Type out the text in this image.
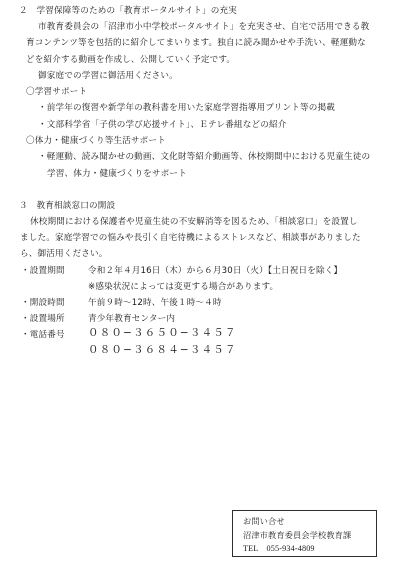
２　学習保障等のための「教育ポータルサイト」の充実
市教育委員会の「沼津市小中学校ポータルサイト」を充実させ、自宅で活用できる教
育コンテンツ等を包括的に紹介してまいります。独自に読み聞かせや手洗い、軽運動な
どを紹介する動画を作成し、公開していく予定です。
御家庭での学習に御活用ください。
〇学習サポート
・前学年の復習や新学年の教科書を用いた家庭学習指導用プリント等の掲載
・文部科学省「子供の学び応援サイト」、Ｅテレ番組などの紹介
〇体力・健康づくり等生活サポート
・軽運動、読み聞かせの動画、文化財等紹介動画等、休校期間中における児童生徒の
学習、体力・健康づくりをサポート
３　教育相談窓口の開設
休校期間における保護者や児童生徒の不安解消等を図るため、「相談窓口」を設置し
ました。家庭学習での悩みや長引く自宅待機によるストレスなど、相談事がありました
ら、御活用ください。
・設置期間	令和２年４月16日（木）から６月30日（火）【土日祝日を除く】
※感染状況によっては変更する場合があります。
・開設時間	午前９時〜12時、午後１時〜４時
・設置場所	青少年教育センター内
・電話番号 ０８０−３６５０−３４５７
０８０−３６８４−３４５７
お問い合せ
沼津市教育委員会学校教育課
TEL　055-934-4809
